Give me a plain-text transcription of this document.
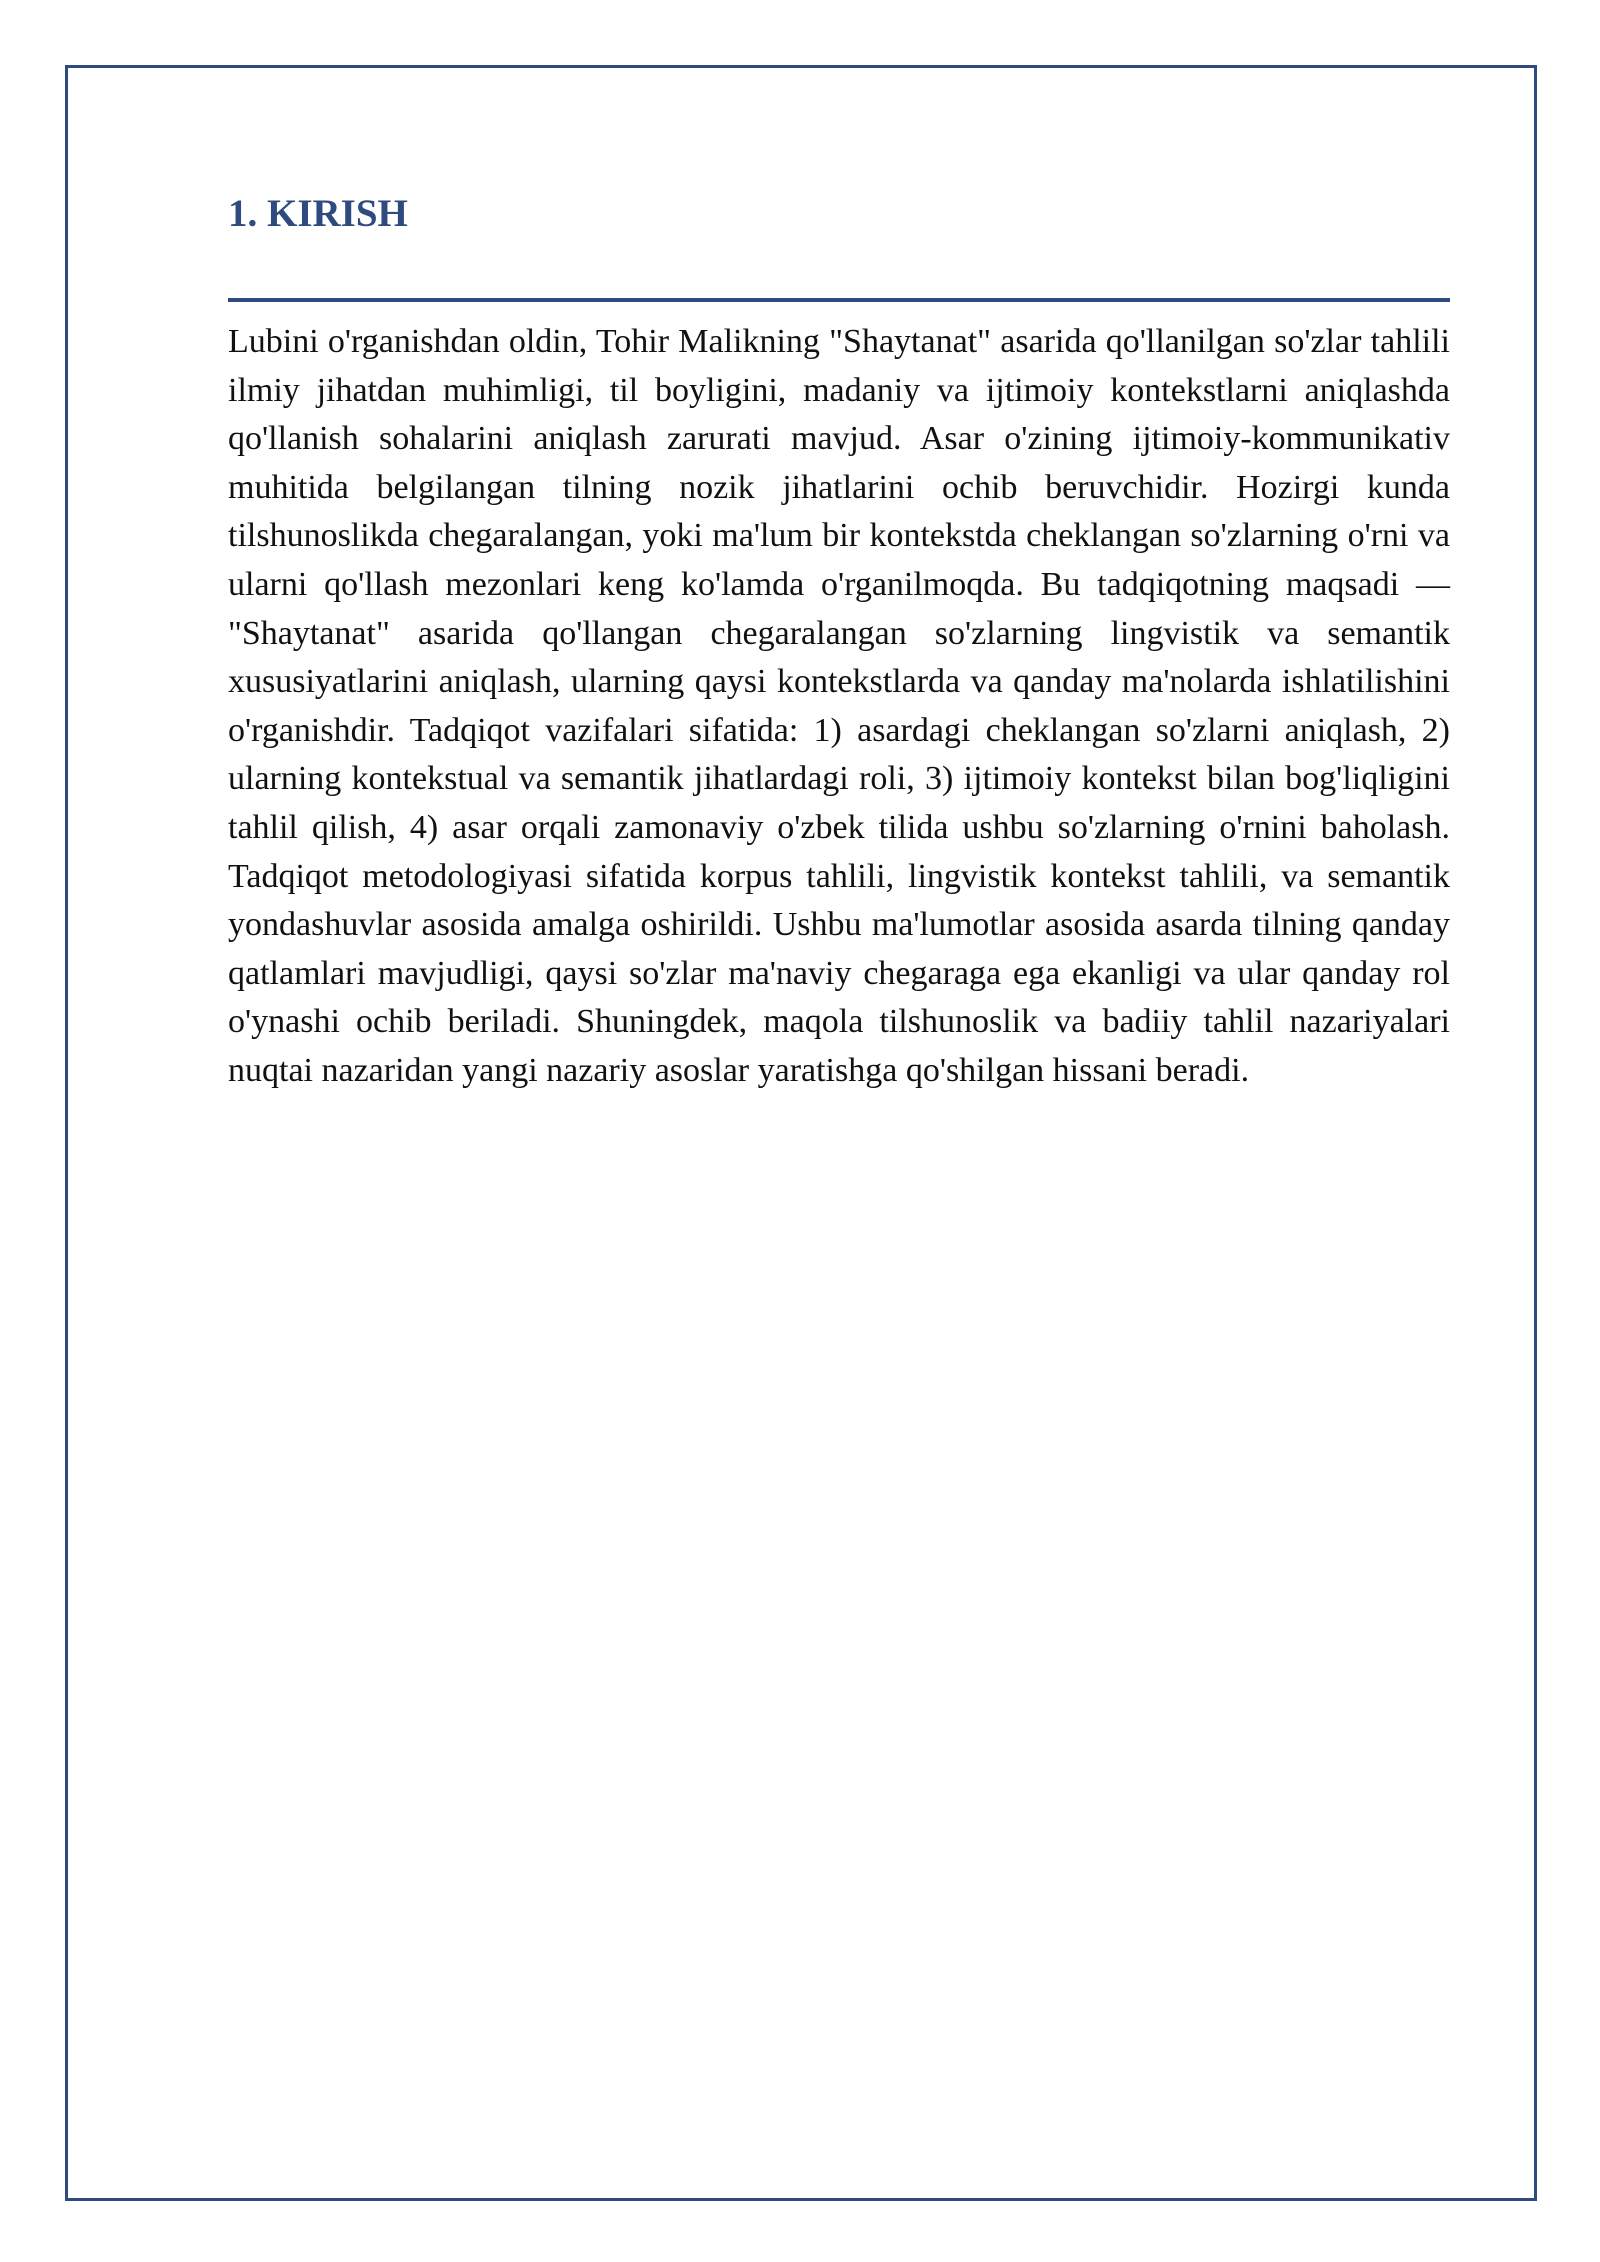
1. KIRISH

Lubini o'rganishdan oldin, Tohir Malikning "Shaytanat" asarida qo'llanilgan so'zlar tahlili ilmiy jihatdan muhimligi, til boyligini, madaniy va ijtimoiy kontekstlarni aniqlashda qo'llanish sohalarini aniqlash zarurati mavjud. Asar o'zining ijtimoiy-kommunikativ muhitida belgilangan tilning nozik jihatlarini ochib beruvchidir. Hozirgi kunda tilshunoslikda chegaralangan, yoki ma'lum bir kontekstda cheklangan so'zlarning o'rni va ularni qo'llash mezonlari keng ko'lamda o'rganilmoqda. Bu tadqiqotning maqsadi — "Shaytanat" asarida qo'llangan chegaralangan so'zlarning lingvistik va semantik xususiyatlarini aniqlash, ularning qaysi kontekstlarda va qanday ma'nolarda ishlatilishini o'rganishdir. Tadqiqot vazifalari sifatida: 1) asardagi cheklangan so'zlarni aniqlash, 2) ularning kontekstual va semantik jihatlardagi roli, 3) ijtimoiy kontekst bilan bog'liqligini tahlil qilish, 4) asar orqali zamonaviy o'zbek tilida ushbu so'zlarning o'rnini baholash. Tadqiqot metodologiyasi sifatida korpus tahlili, lingvistik kontekst tahlili, va semantik yondashuvlar asosida amalga oshirildi. Ushbu ma'lumotlar asosida asarda tilning qanday qatlamlari mavjudligi, qaysi so'zlar ma'naviy chegaraga ega ekanligi va ular qanday rol o'ynashi ochib beriladi. Shuningdek, maqola tilshunoslik va badiiy tahlil nazariyalari nuqtai nazaridan yangi nazariy asoslar yaratishga qo'shilgan hissani beradi.
